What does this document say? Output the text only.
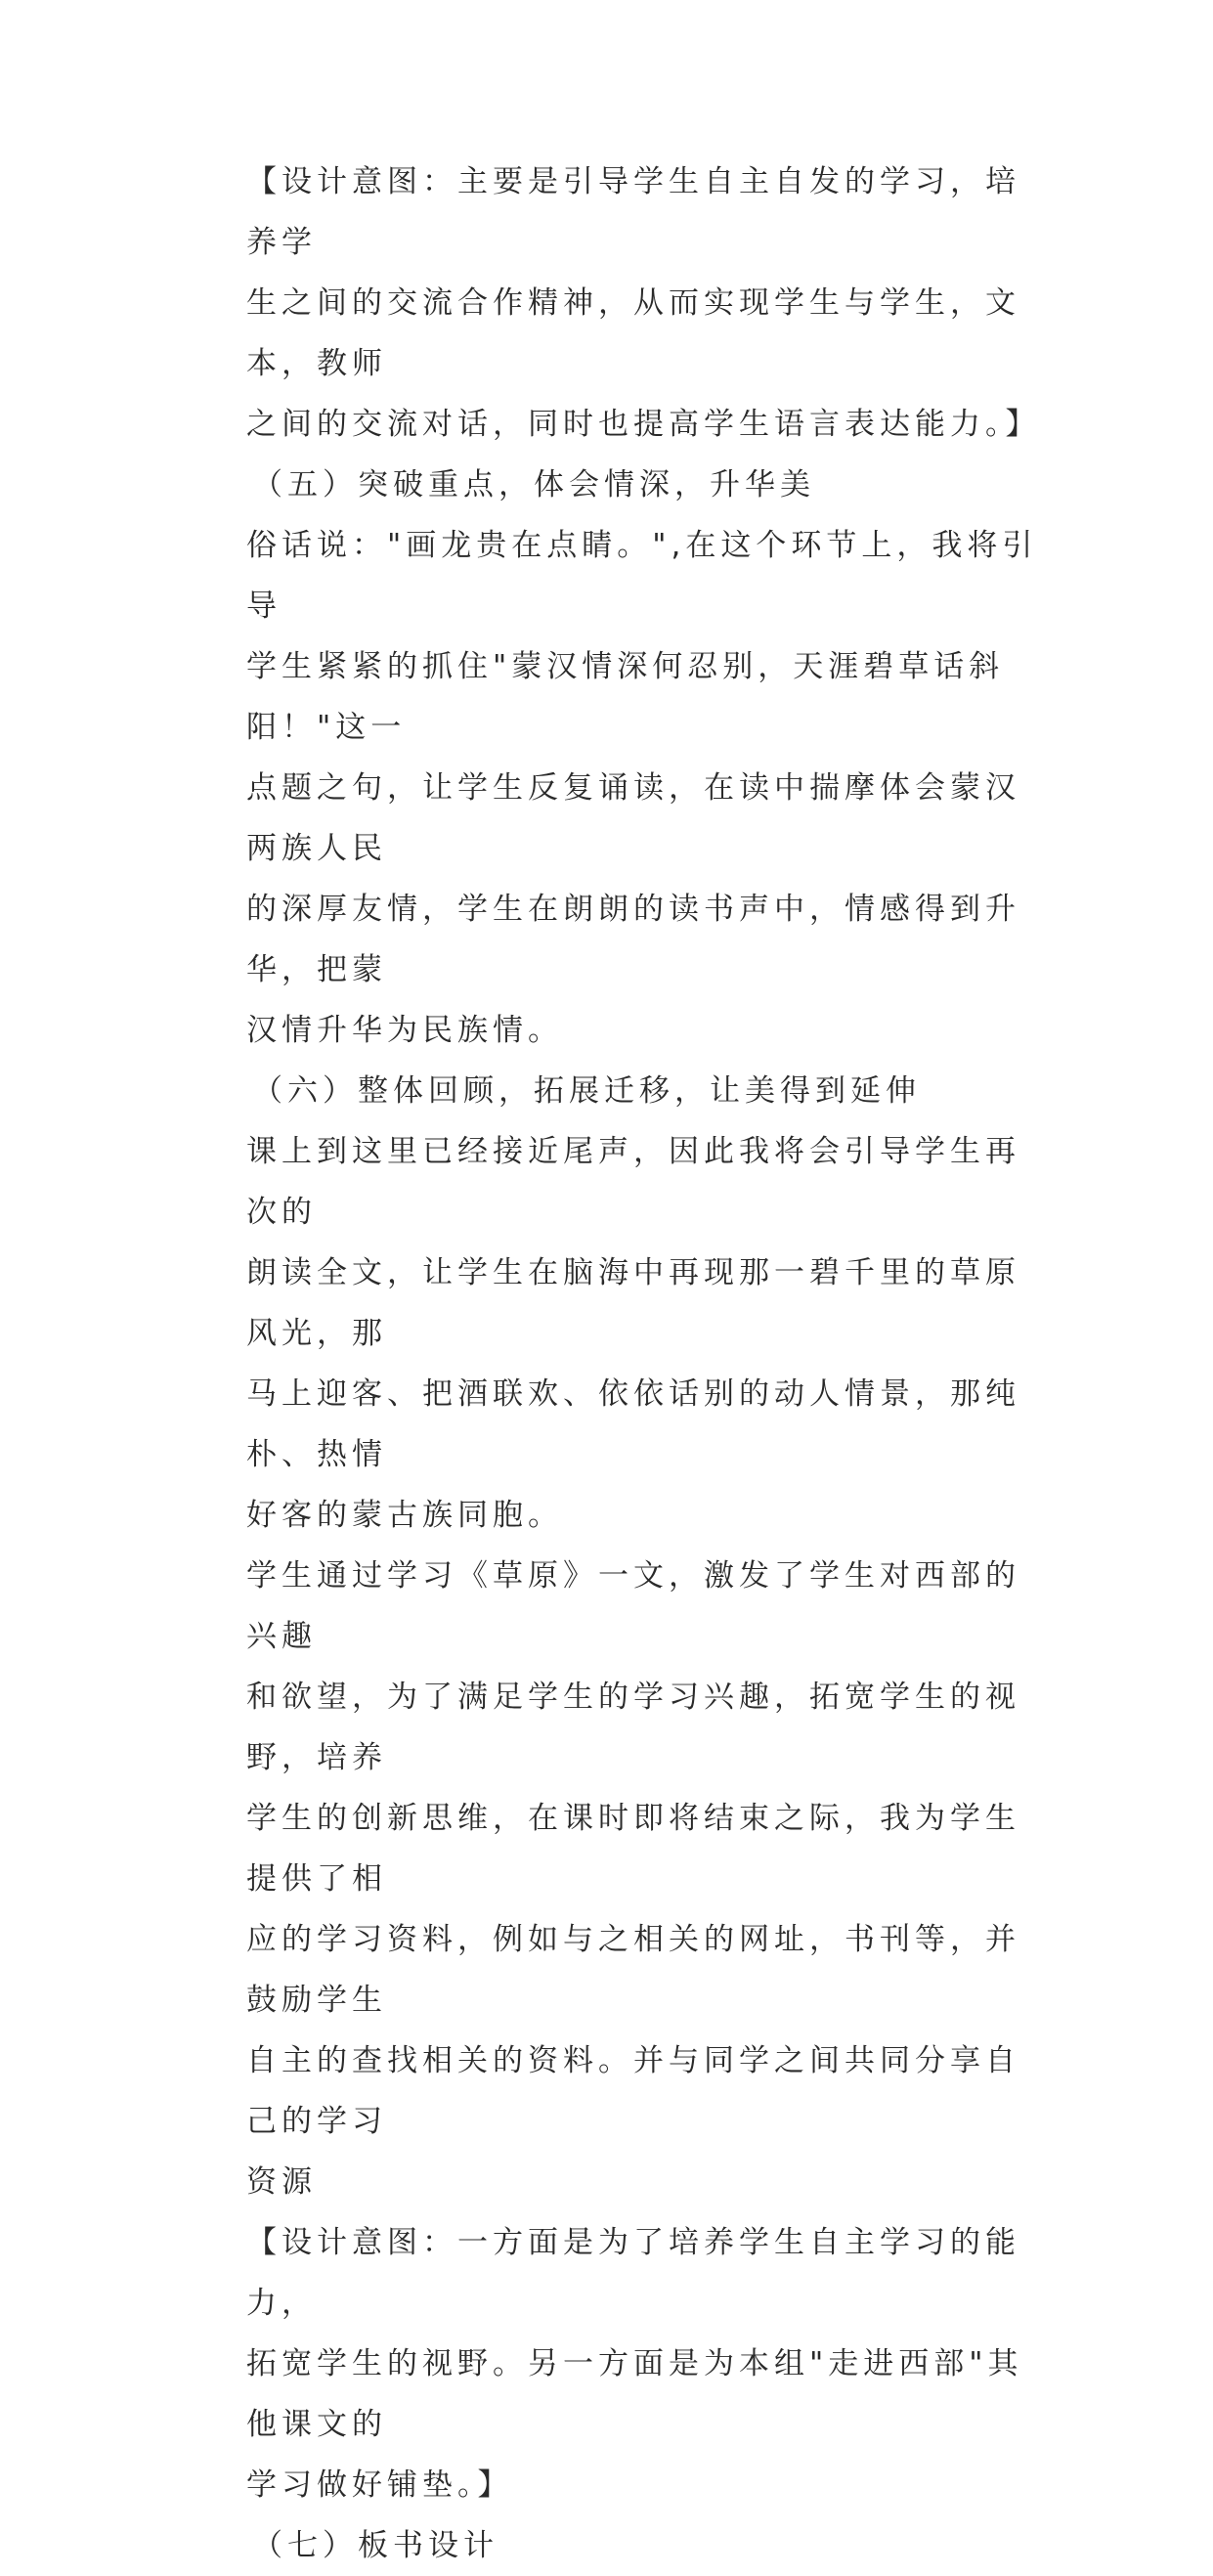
【设计意图：主要是引导学生自主自发的学习，培养学
生之间的交流合作精神，从而实现学生与学生，文本，教师
之间的交流对话，同时也提高学生语言表达能力。】

（五）突破重点，体会情深，升华美

俗话说："画龙贵在点睛。",在这个环节上，我将引导
学生紧紧的抓住"蒙汉情深何忍别，天涯碧草话斜阳！"这一
点题之句，让学生反复诵读，在读中揣摩体会蒙汉两族人民
的深厚友情，学生在朗朗的读书声中，情感得到升华，把蒙
汉情升华为民族情。

（六）整体回顾，拓展迁移，让美得到延伸

课上到这里已经接近尾声，因此我将会引导学生再次的
朗读全文，让学生在脑海中再现那一碧千里的草原风光，那
马上迎客、把酒联欢、依依话别的动人情景，那纯朴、热情
好客的蒙古族同胞。

学生通过学习《草原》一文，激发了学生对西部的兴趣
和欲望，为了满足学生的学习兴趣，拓宽学生的视野，培养
学生的创新思维，在课时即将结束之际，我为学生提供了相
应的学习资料，例如与之相关的网址，书刊等，并鼓励学生
自主的查找相关的资料。并与同学之间共同分享自己的学习
资源

【设计意图：一方面是为了培养学生自主学习的能力，
拓宽学生的视野。另一方面是为本组"走进西部"其他课文的
学习做好铺垫。】

（七）板书设计
